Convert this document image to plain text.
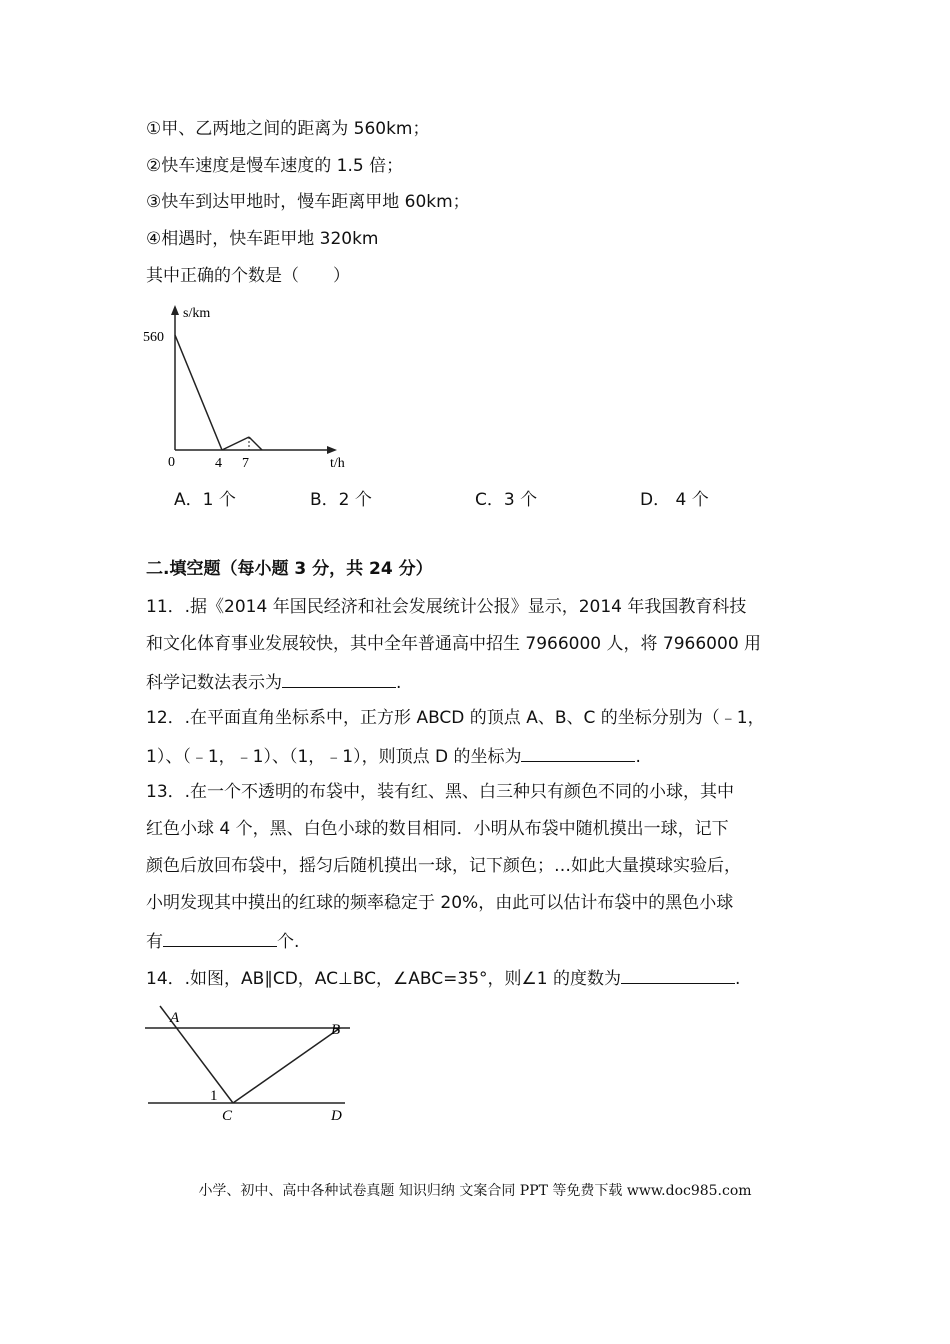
①甲、乙两地之间的距离为 560km；
②快车速度是慢车速度的 1.5 倍；
③快车到达甲地时，慢车距离甲地 60km；
④相遇时，快车距甲地 320km
其中正确的个数是（　　）
s/km
560
0	4 7	t/h
A．1 个	B．2 个	C．3 个	D． 4 个
二.填空题（每小题 3 分，共 24 分）
11．.据《2014 年国民经济和社会发展统计公报》显示，2014 年我国教育科技
和文化体育事业发展较快，其中全年普通高中招生 7966000 人，将 7966000 用
科学记数法表示为	.
12．.在平面直角坐标系中，正方形 ABCD 的顶点 A、B、C 的坐标分别为（﹣1，
1）、（﹣1，﹣1）、（1，﹣1），则顶点 D 的坐标为	.
13．.在一个不透明的布袋中，装有红、黑、白三种只有颜色不同的小球，其中
红色小球 4 个，黑、白色小球的数目相同．小明从布袋中随机摸出一球，记下
颜色后放回布袋中，摇匀后随机摸出一球，记下颜色；…如此大量摸球实验后，
小明发现其中摸出的红球的频率稳定于 20%，由此可以估计布袋中的黑色小球
有	个.
14．.如图，AB∥CD，AC⊥BC，∠ABC=35°，则∠1 的度数为	.
A
B
1
C	D
小学、初中、高中各种试卷真题 知识归纳 文案合同 PPT 等免费下载 www.doc985.com
